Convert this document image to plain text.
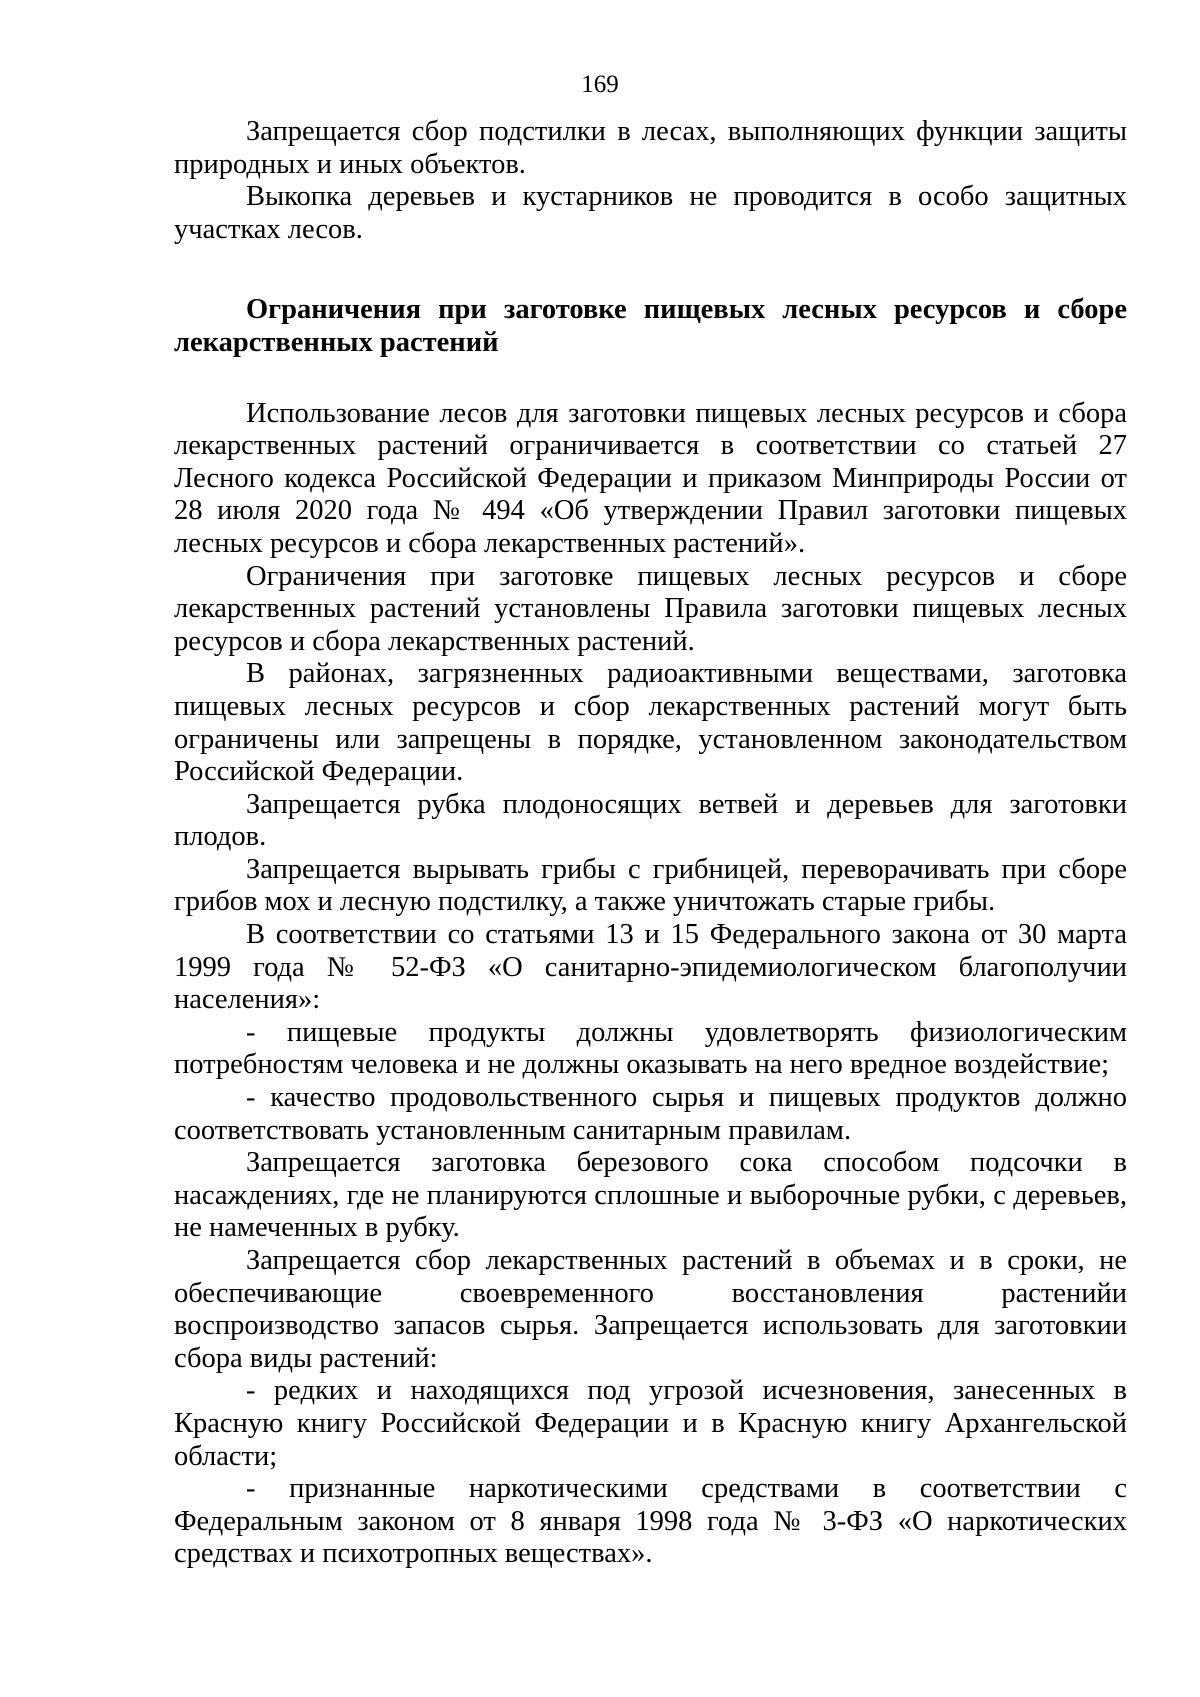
169

Запрещается сбор подстилки в лесах, выполняющих функции защиты природных и иных объектов.

Выкопка деревьев и кустарников не проводится в особо защитных участках лесов.

Ограничения при заготовке пищевых лесных ресурсов и сборе лекарственных растений

Использование лесов для заготовки пищевых лесных ресурсов и сбора лекарственных растений ограничивается в соответствии со статьей 27 Лесного кодекса Российской Федерации и приказом Минприроды России от 28 июля 2020 года № 494 «Об утверждении Правил заготовки пищевых лесных ресурсов и сбора лекарственных растений».

Ограничения при заготовке пищевых лесных ресурсов и сборе лекарственных растений установлены Правила заготовки пищевых лесных ресурсов и сбора лекарственных растений.

В районах, загрязненных радиоактивными веществами, заготовка пищевых лесных ресурсов и сбор лекарственных растений могут быть ограничены или запрещены в порядке, установленном законодательством Российской Федерации.

Запрещается рубка плодоносящих ветвей и деревьев для заготовки плодов.

Запрещается вырывать грибы с грибницей, переворачивать при сборе грибов мох и лесную подстилку, а также уничтожать старые грибы.

В соответствии со статьями 13 и 15 Федерального закона от 30 марта 1999 года № 52-ФЗ «О санитарно-эпидемиологическом благополучии населения»:

- пищевые продукты должны удовлетворять физиологическим потребностям человека и не должны оказывать на него вредное воздействие;

- качество продовольственного сырья и пищевых продуктов должно соответствовать установленным санитарным правилам.

Запрещается заготовка березового сока способом подсочки в насаждениях, где не планируются сплошные и выборочные рубки, с деревьев, не намеченных в рубку.

Запрещается сбор лекарственных растений в объемах и в сроки, не обеспечивающие своевременного восстановления растенийи воспроизводство запасов сырья. Запрещается использовать для заготовкии сбора виды растений:

- редких и находящихся под угрозой исчезновения, занесенных в Красную книгу Российской Федерации и в Красную книгу Архангельской области;

- признанные наркотическими средствами в соответствии с Федеральным законом от 8 января 1998 года № 3-ФЗ «О наркотических средствах и психотропных веществах».
